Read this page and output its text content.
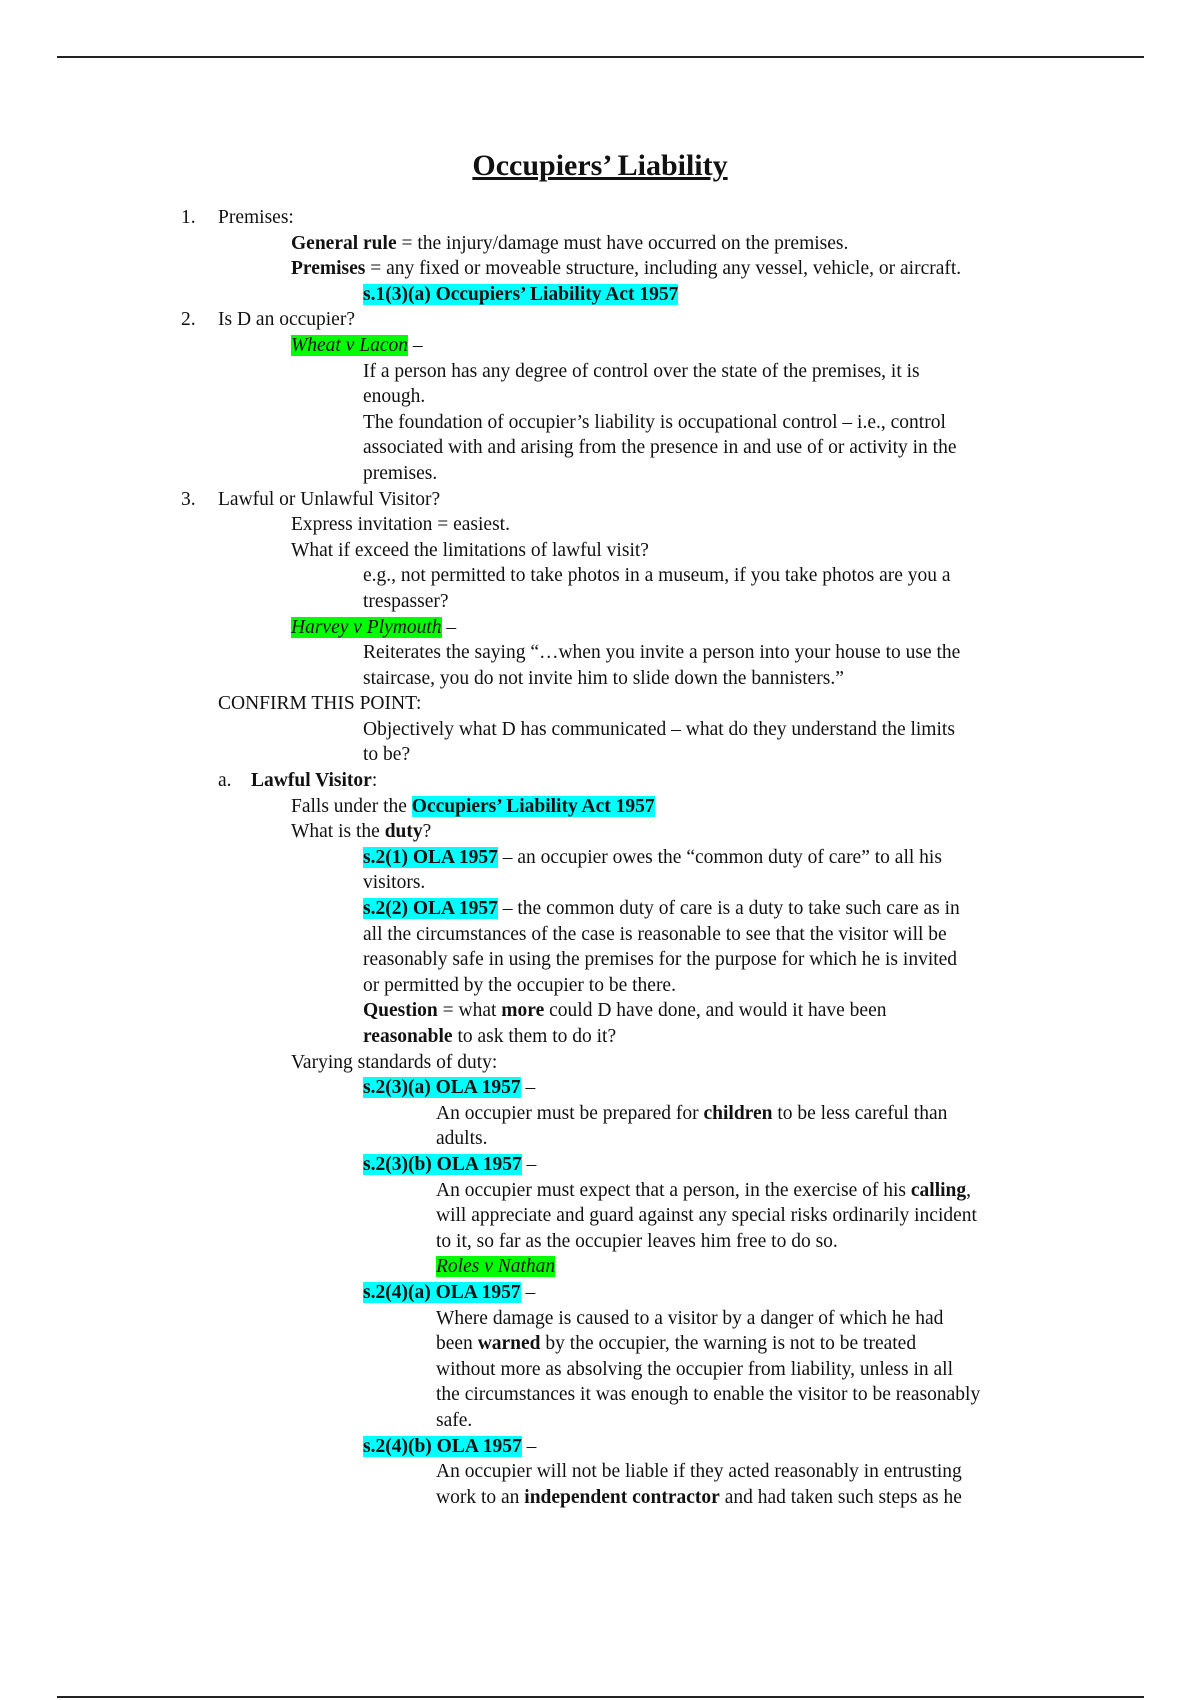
Occupiers’ Liability
1. Premises:
General rule = the injury/damage must have occurred on the premises.
Premises = any fixed or moveable structure, including any vessel, vehicle, or aircraft.
s.1(3)(a) Occupiers’ Liability Act 1957
2. Is D an occupier?
Wheat v Lacon –
If a person has any degree of control over the state of the premises, it is
enough.
The foundation of occupier’s liability is occupational control – i.e., control
associated with and arising from the presence in and use of or activity in the
premises.
3. Lawful or Unlawful Visitor?
Express invitation = easiest.
What if exceed the limitations of lawful visit?
e.g., not permitted to take photos in a museum, if you take photos are you a
trespasser?
Harvey v Plymouth –
Reiterates the saying “…when you invite a person into your house to use the
staircase, you do not invite him to slide down the bannisters.”
CONFIRM THIS POINT:
Objectively what D has communicated – what do they understand the limits
to be?
a. Lawful Visitor:
Falls under the Occupiers’ Liability Act 1957
What is the duty?
s.2(1) OLA 1957 – an occupier owes the “common duty of care” to all his
visitors.
s.2(2) OLA 1957 – the common duty of care is a duty to take such care as in
all the circumstances of the case is reasonable to see that the visitor will be
reasonably safe in using the premises for the purpose for which he is invited
or permitted by the occupier to be there.
Question = what more could D have done, and would it have been
reasonable to ask them to do it?
Varying standards of duty:
s.2(3)(a) OLA 1957 –
An occupier must be prepared for children to be less careful than
adults.
s.2(3)(b) OLA 1957 –
An occupier must expect that a person, in the exercise of his calling,
will appreciate and guard against any special risks ordinarily incident
to it, so far as the occupier leaves him free to do so.
Roles v Nathan
s.2(4)(a) OLA 1957 –
Where damage is caused to a visitor by a danger of which he had
been warned by the occupier, the warning is not to be treated
without more as absolving the occupier from liability, unless in all
the circumstances it was enough to enable the visitor to be reasonably
safe.
s.2(4)(b) OLA 1957 –
An occupier will not be liable if they acted reasonably in entrusting
work to an independent contractor and had taken such steps as he
